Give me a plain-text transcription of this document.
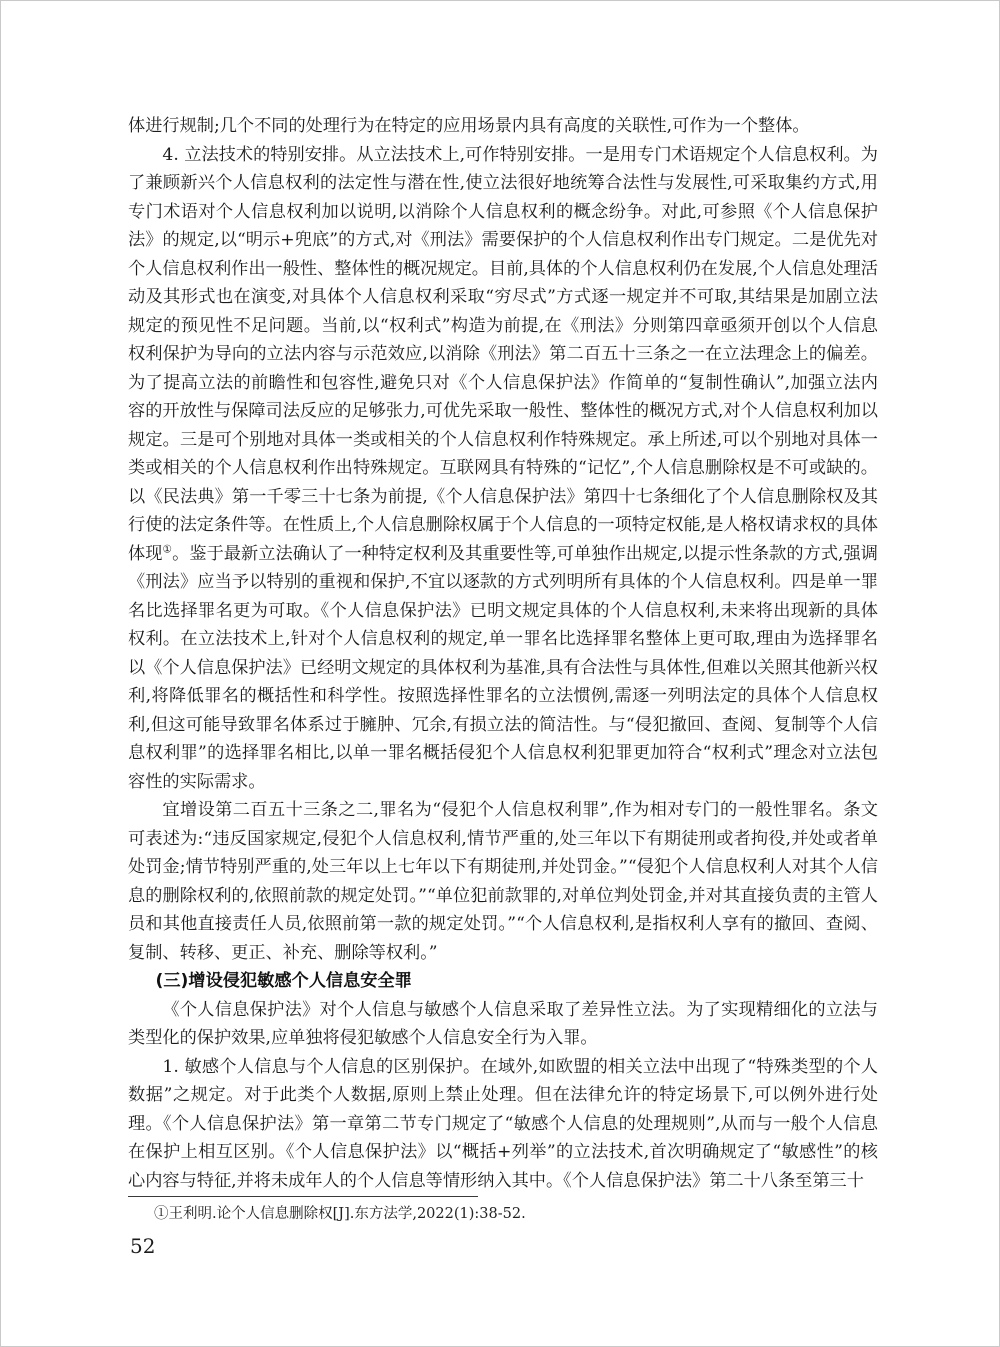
体进行规制;几个不同的处理行为在特定的应用场景内具有高度的关联性,可作为一个整体。

4. 立法技术的特别安排。从立法技术上,可作特别安排。一是用专门术语规定个人信息权利。为了兼顾新兴个人信息权利的法定性与潜在性,使立法很好地统筹合法性与发展性,可采取集约方式,用专门术语对个人信息权利加以说明,以消除个人信息权利的概念纷争。对此,可参照《个人信息保护法》的规定,以“明示+兜底”的方式,对《刑法》需要保护的个人信息权利作出专门规定。二是优先对个人信息权利作出一般性、整体性的概况规定。目前,具体的个人信息权利仍在发展,个人信息处理活动及其形式也在演变,对具体个人信息权利采取“穷尽式”方式逐一规定并不可取,其结果是加剧立法规定的预见性不足问题。当前,以“权利式”构造为前提,在《刑法》分则第四章亟须开创以个人信息权利保护为导向的立法内容与示范效应,以消除《刑法》第二百五十三条之一在立法理念上的偏差。为了提高立法的前瞻性和包容性,避免只对《个人信息保护法》作简单的“复制性确认”,加强立法内容的开放性与保障司法反应的足够张力,可优先采取一般性、整体性的概况方式,对个人信息权利加以规定。三是可个别地对具体一类或相关的个人信息权利作特殊规定。承上所述,可以个别地对具体一类或相关的个人信息权利作出特殊规定。互联网具有特殊的“记忆”,个人信息删除权是不可或缺的。以《民法典》第一千零三十七条为前提,《个人信息保护法》第四十七条细化了个人信息删除权及其行使的法定条件等。在性质上,个人信息删除权属于个人信息的一项特定权能,是人格权请求权的具体体现①。鉴于最新立法确认了一种特定权利及其重要性等,可单独作出规定,以提示性条款的方式,强调《刑法》应当予以特别的重视和保护,不宜以逐款的方式列明所有具体的个人信息权利。四是单一罪名比选择罪名更为可取。《个人信息保护法》已明文规定具体的个人信息权利,未来将出现新的具体权利。在立法技术上,针对个人信息权利的规定,单一罪名比选择罪名整体上更可取,理由为选择罪名以《个人信息保护法》已经明文规定的具体权利为基准,具有合法性与具体性,但难以关照其他新兴权利,将降低罪名的概括性和科学性。按照选择性罪名的立法惯例,需逐一列明法定的具体个人信息权利,但这可能导致罪名体系过于臃肿、冗余,有损立法的简洁性。与“侵犯撤回、查阅、复制等个人信息权利罪”的选择罪名相比,以单一罪名概括侵犯个人信息权利犯罪更加符合“权利式”理念对立法包容性的实际需求。

宜增设第二百五十三条之二,罪名为“侵犯个人信息权利罪”,作为相对专门的一般性罪名。条文可表述为:“违反国家规定,侵犯个人信息权利,情节严重的,处三年以下有期徒刑或者拘役,并处或者单处罚金;情节特别严重的,处三年以上七年以下有期徒刑,并处罚金。”“侵犯个人信息权利人对其个人信息的删除权利的,依照前款的规定处罚。”“单位犯前款罪的,对单位判处罚金,并对其直接负责的主管人员和其他直接责任人员,依照前第一款的规定处罚。”“个人信息权利,是指权利人享有的撤回、查阅、复制、转移、更正、补充、删除等权利。”

(三)增设侵犯敏感个人信息安全罪

《个人信息保护法》对个人信息与敏感个人信息采取了差异性立法。为了实现精细化的立法与类型化的保护效果,应单独将侵犯敏感个人信息安全行为入罪。

1. 敏感个人信息与个人信息的区别保护。在域外,如欧盟的相关立法中出现了“特殊类型的个人数据”之规定。对于此类个人数据,原则上禁止处理。但在法律允许的特定场景下,可以例外进行处理。《个人信息保护法》第一章第二节专门规定了“敏感个人信息的处理规则”,从而与一般个人信息在保护上相互区别。《个人信息保护法》以“概括+列举”的立法技术,首次明确规定了“敏感性”的核心内容与特征,并将未成年人的个人信息等情形纳入其中。《个人信息保护法》第二十八条至第三十

①王利明.论个人信息删除权[J].东方法学,2022(1):38-52.

52
